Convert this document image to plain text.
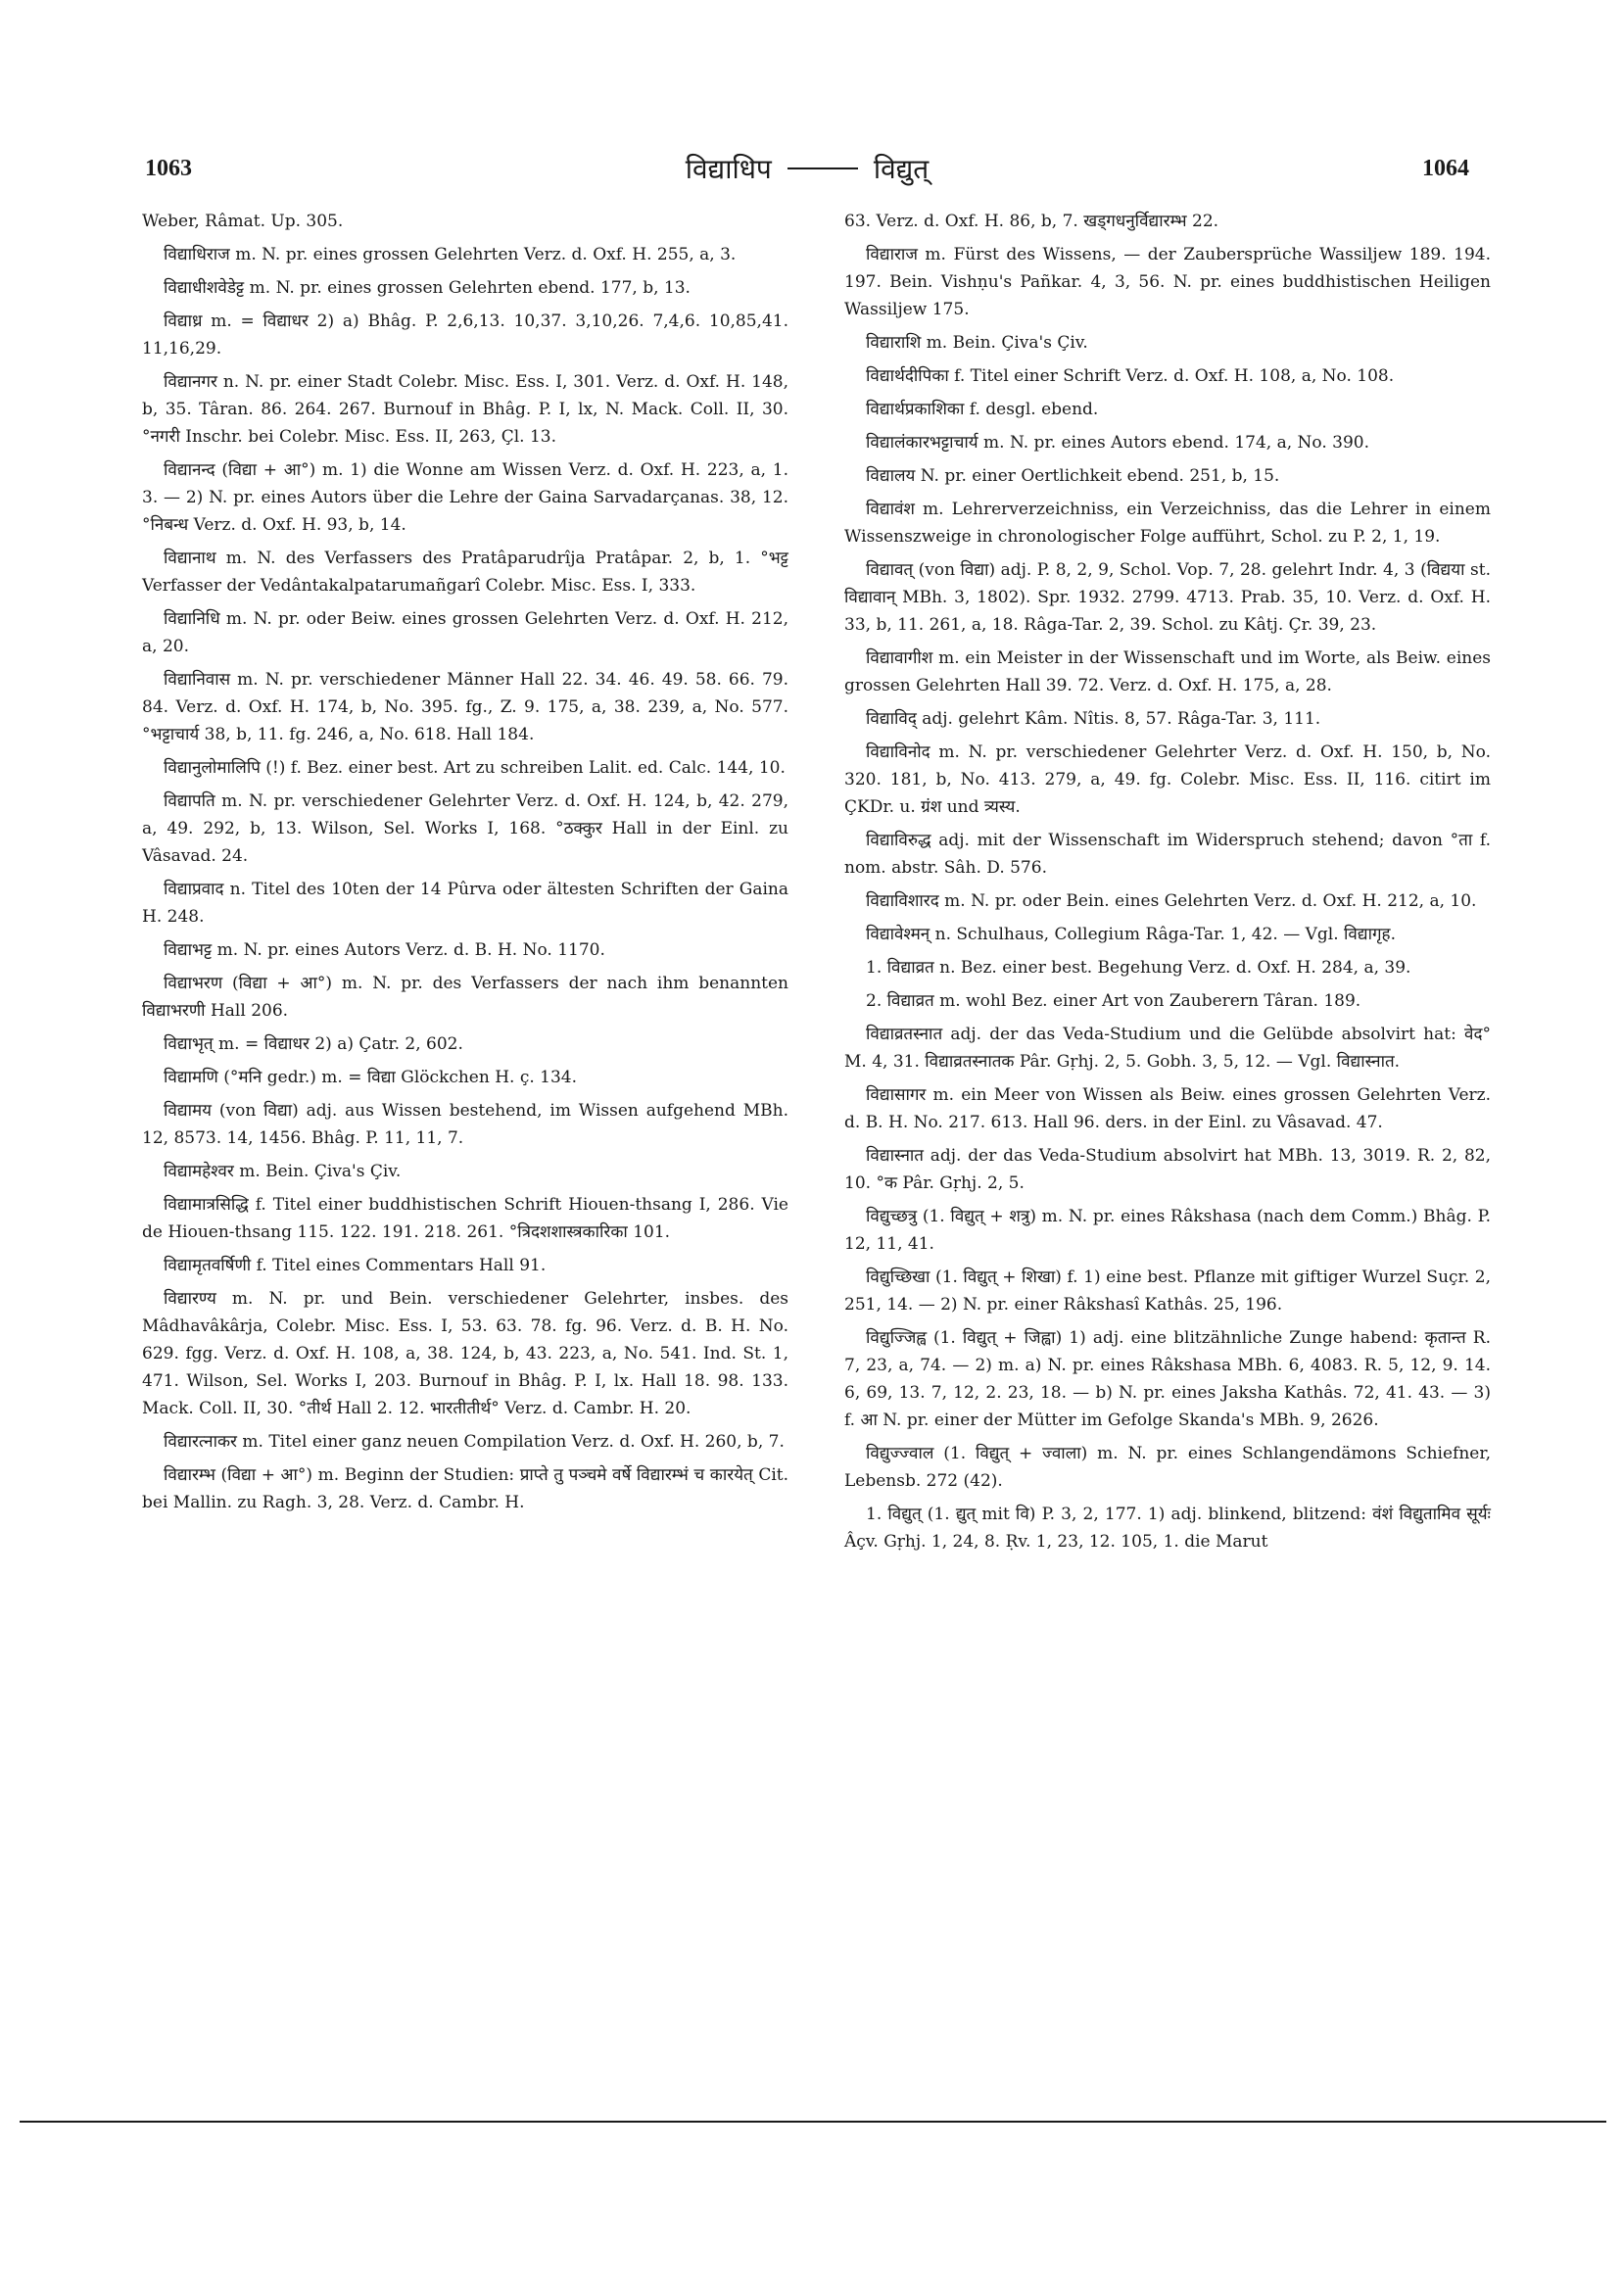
1063	विद्याधिप	विद्युत्	1064

Weber, Râmat. Up. 305.

विद्याधिराज m. N. pr. eines grossen Gelehrten Verz. d. Oxf. H. 255, a, 3.

विद्याधीशवेडेट्ट m. N. pr. eines grossen Gelehrten ebend. 177, b, 13.

विद्याध्र m. = विद्याधर 2) a) Bhâg. P. 2,6,13. 10,37. 3,10,26. 7,4,6. 10,85,41. 11,16,29.

विद्यानगर n. N. pr. einer Stadt Colebr. Misc. Ess. I, 301. Verz. d. Oxf. H. 148, b, 35. Târan. 86. 264. 267. Burnouf in Bhâg. P. I, lx, N. Mack. Coll. II, 30. °नगरी Inschr. bei Colebr. Misc. Ess. II, 263, Çl. 13.

विद्यानन्द (विद्या + आ°) m. 1) die Wonne am Wissen Verz. d. Oxf. H. 223, a, 1. 3. — 2) N. pr. eines Autors über die Lehre der Gaina Sarvadarçanas. 38, 12. °निबन्ध Verz. d. Oxf. H. 93, b, 14.

विद्यानाथ m. N. des Verfassers des Pratâparudrîja Pratâpar. 2, b, 1. °भट्ट Verfasser der Vedântakalpatarumañgarî Colebr. Misc. Ess. I, 333.

विद्यानिधि m. N. pr. oder Beiw. eines grossen Gelehrten Verz. d. Oxf. H. 212, a, 20.

विद्यानिवास m. N. pr. verschiedener Männer Hall 22. 34. 46. 49. 58. 66. 79. 84. Verz. d. Oxf. H. 174, b, No. 395. fg., Z. 9. 175, a, 38. 239, a, No. 577. °भट्टाचार्य 38, b, 11. fg. 246, a, No. 618. Hall 184.

विद्यानुलोमालिपि (!) f. Bez. einer best. Art zu schreiben Lalit. ed. Calc. 144, 10.

विद्यापति m. N. pr. verschiedener Gelehrter Verz. d. Oxf. H. 124, b, 42. 279, a, 49. 292, b, 13. Wilson, Sel. Works I, 168. °ठक्कुर Hall in der Einl. zu Vâsavad. 24.

विद्याप्रवाद n. Titel des 10ten der 14 Pûrva oder ältesten Schriften der Gaina H. 248.

विद्याभट्ट m. N. pr. eines Autors Verz. d. B. H. No. 1170.

विद्याभरण (विद्या + आ°) m. N. pr. des Verfassers der nach ihm benannten विद्याभरणी Hall 206.

विद्याभृत् m. = विद्याधर 2) a) Çatr. 2, 602.

विद्यामणि (°मनि gedr.) m. = विद्या Glöckchen H. ç. 134.

विद्यामय (von विद्या) adj. aus Wissen bestehend, im Wissen aufgehend MBh. 12, 8573. 14, 1456. Bhâg. P. 11, 11, 7.

विद्यामहेश्वर m. Bein. Çiva's Çiv.

विद्यामात्रसिद्धि f. Titel einer buddhistischen Schrift Hiouen-thsang I, 286. Vie de Hiouen-thsang 115. 122. 191. 218. 261. °त्रिदशशास्त्रकारिका 101.

विद्यामृतवर्षिणी f. Titel eines Commentars Hall 91.

विद्यारण्य m. N. pr. und Bein. verschiedener Gelehrter, insbes. des Mâdhavâkârja, Colebr. Misc. Ess. I, 53. 63. 78. fg. 96. Verz. d. B. H. No. 629. fgg. Verz. d. Oxf. H. 108, a, 38. 124, b, 43. 223, a, No. 541. Ind. St. 1, 471. Wilson, Sel. Works I, 203. Burnouf in Bhâg. P. I, lx. Hall 18. 98. 133. Mack. Coll. II, 30. °तीर्थ Hall 2. 12. भारतीतीर्थ° Verz. d. Cambr. H. 20.

विद्यारत्नाकर m. Titel einer ganz neuen Compilation Verz. d. Oxf. H. 260, b, 7.

विद्यारम्भ (विद्या + आ°) m. Beginn der Studien: प्राप्ते तु पञ्चमे वर्षे विद्यारम्भं च कारयेत् Cit. bei Mallin. zu Ragh. 3, 28. Verz. d. Cambr. H.

63. Verz. d. Oxf. H. 86, b, 7. खड्गधनुर्विद्यारम्भ 22.

विद्याराज m. Fürst des Wissens, — der Zaubersprüche Wassiljew 189. 194. 197. Bein. Vishṇu's Pañkar. 4, 3, 56. N. pr. eines buddhistischen Heiligen Wassiljew 175.

विद्याराशि m. Bein. Çiva's Çiv.

विद्यार्थदीपिका f. Titel einer Schrift Verz. d. Oxf. H. 108, a, No. 108.

विद्यार्थप्रकाशिका f. desgl. ebend.

विद्यालंकारभट्टाचार्य m. N. pr. eines Autors ebend. 174, a, No. 390.

विद्यालय N. pr. einer Oertlichkeit ebend. 251, b, 15.

विद्यावंश m. Lehrerverzeichniss, ein Verzeichniss, das die Lehrer in einem Wissenszweige in chronologischer Folge aufführt, Schol. zu P. 2, 1, 19.

विद्यावत् (von विद्या) adj. P. 8, 2, 9, Schol. Vop. 7, 28. gelehrt Indr. 4, 3 (विद्यया st. विद्यावान् MBh. 3, 1802). Spr. 1932. 2799. 4713. Prab. 35, 10. Verz. d. Oxf. H. 33, b, 11. 261, a, 18. Râga-Tar. 2, 39. Schol. zu Kâtj. Çr. 39, 23.

विद्यावागीश m. ein Meister in der Wissenschaft und im Worte, als Beiw. eines grossen Gelehrten Hall 39. 72. Verz. d. Oxf. H. 175, a, 28.

विद्याविद् adj. gelehrt Kâm. Nîtis. 8, 57. Râga-Tar. 3, 111.

विद्याविनोद m. N. pr. verschiedener Gelehrter Verz. d. Oxf. H. 150, b, No. 320. 181, b, No. 413. 279, a, 49. fg. Colebr. Misc. Ess. II, 116. citirt im ÇKDr. u. ग्रंश und त्र्यस्य.

विद्याविरुद्ध adj. mit der Wissenschaft im Widerspruch stehend; davon °ता f. nom. abstr. Sâh. D. 576.

विद्याविशारद m. N. pr. oder Bein. eines Gelehrten Verz. d. Oxf. H. 212, a, 10.

विद्यावेश्मन् n. Schulhaus, Collegium Râga-Tar. 1, 42. — Vgl. विद्यागृह.

1. विद्याव्रत n. Bez. einer best. Begehung Verz. d. Oxf. H. 284, a, 39.

2. विद्याव्रत m. wohl Bez. einer Art von Zauberern Târan. 189.

विद्याव्रतस्नात adj. der das Veda-Studium und die Gelübde absolvirt hat: वेद° M. 4, 31. विद्याव्रतस्नातक Pâr. Gṛhj. 2, 5. Gobh. 3, 5, 12. — Vgl. विद्यास्नात.

विद्यासागर m. ein Meer von Wissen als Beiw. eines grossen Gelehrten Verz. d. B. H. No. 217. 613. Hall 96. ders. in der Einl. zu Vâsavad. 47.

विद्यास्नात adj. der das Veda-Studium absolvirt hat MBh. 13, 3019. R. 2, 82, 10. °क Pâr. Gṛhj. 2, 5.

विद्युच्छत्रु (1. विद्युत् + शत्रु) m. N. pr. eines Râkshasa (nach dem Comm.) Bhâg. P. 12, 11, 41.

विद्युच्छिखा (1. विद्युत् + शिखा) f. 1) eine best. Pflanze mit giftiger Wurzel Suçr. 2, 251, 14. — 2) N. pr. einer Râkshasî Kathâs. 25, 196.

विद्युज्जिह्व (1. विद्युत् + जिह्वा) 1) adj. eine blitzähnliche Zunge habend: कृतान्त R. 7, 23, a, 74. — 2) m. a) N. pr. eines Râkshasa MBh. 6, 4083. R. 5, 12, 9. 14. 6, 69, 13. 7, 12, 2. 23, 18. — b) N. pr. eines Jaksha Kathâs. 72, 41. 43. — 3) f. आ N. pr. einer der Mütter im Gefolge Skanda's MBh. 9, 2626.

विद्युज्ज्वाल (1. विद्युत् + ज्वाला) m. N. pr. eines Schlangendämons Schiefner, Lebensb. 272 (42).

1. विद्युत् (1. द्युत् mit वि) P. 3, 2, 177. 1) adj. blinkend, blitzend: वंशं विद्युतामिव सूर्यः Âçv. Gṛhj. 1, 24, 8. Ṛv. 1, 23, 12. 105, 1. die Marut
